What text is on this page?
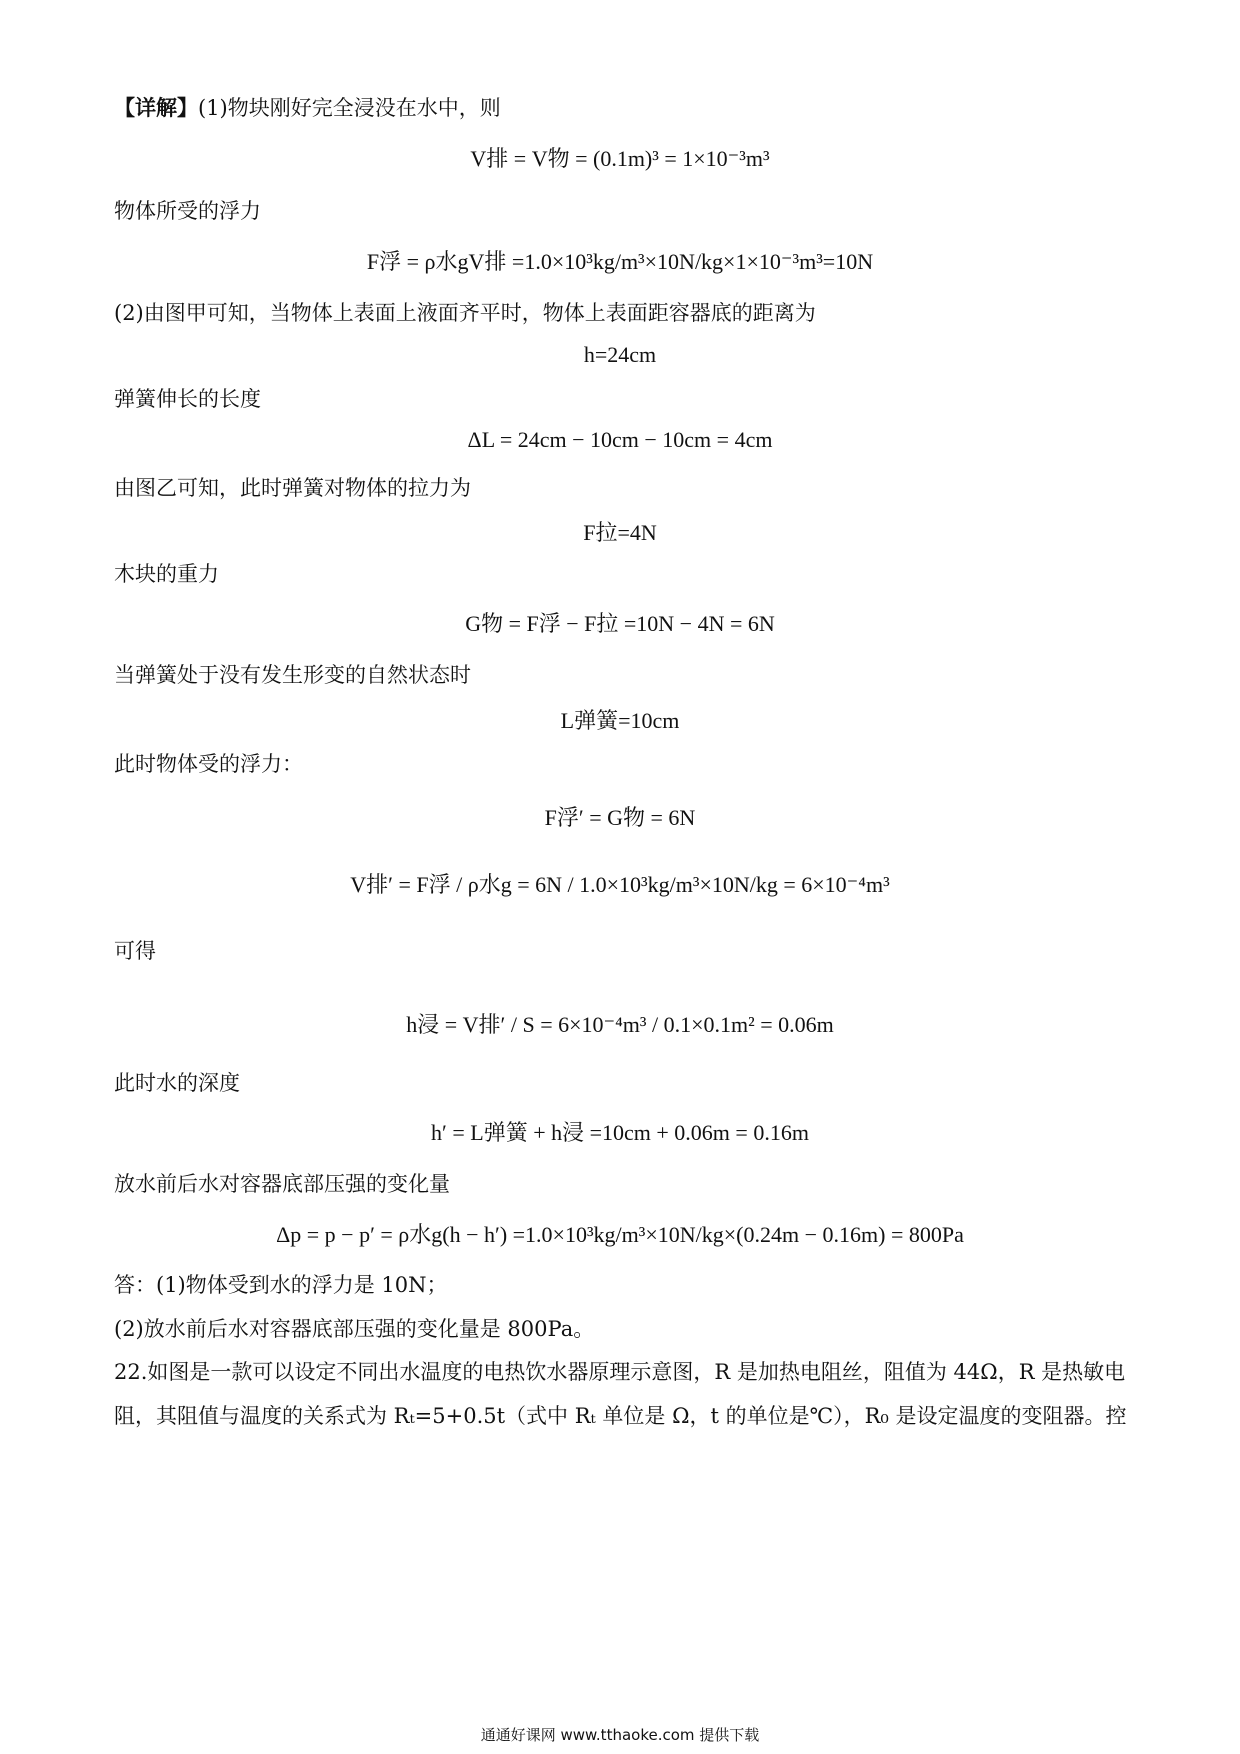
【详解】(1)物块刚好完全浸没在水中，则
V排 = V物 = (0.1m)³ = 1×10⁻³m³
物体所受的浮力
F浮 = ρ水gV排 =1.0×10³kg/m³×10N/kg×1×10⁻³m³=10N
(2)由图甲可知，当物体上表面上液面齐平时，物体上表面距容器底的距离为
h=24cm
弹簧伸长的长度
ΔL = 24cm − 10cm − 10cm = 4cm
由图乙可知，此时弹簧对物体的拉力为
F拉=4N
木块的重力
G物 = F浮 − F拉 =10N − 4N = 6N
当弹簧处于没有发生形变的自然状态时
L弹簧=10cm
此时物体受的浮力：
F浮′ = G物 = 6N
V排′ = F浮 / ρ水g = 6N / 1.0×10³kg/m³×10N/kg = 6×10⁻⁴m³
可得
h浸 = V排′ / S = 6×10⁻⁴m³ / 0.1×0.1m² = 0.06m
此时水的深度
h′ = L弹簧 + h浸 =10cm + 0.06m = 0.16m
放水前后水对容器底部压强的变化量
Δp = p − p′ = ρ水g(h − h′) =1.0×10³kg/m³×10N/kg×(0.24m − 0.16m) = 800Pa
答：(1)物体受到水的浮力是 10N；
(2)放水前后水对容器底部压强的变化量是 800Pa。
22.如图是一款可以设定不同出水温度的电热饮水器原理示意图，R 是加热电阻丝，阻值为 44Ω，R 是热敏电阻，其阻值与温度的关系式为 Rₜ=5+0.5t（式中 Rₜ 单位是 Ω，t 的单位是℃），R₀ 是设定温度的变阻器。控
通通好课网 www.tthaoke.com 提供下载
